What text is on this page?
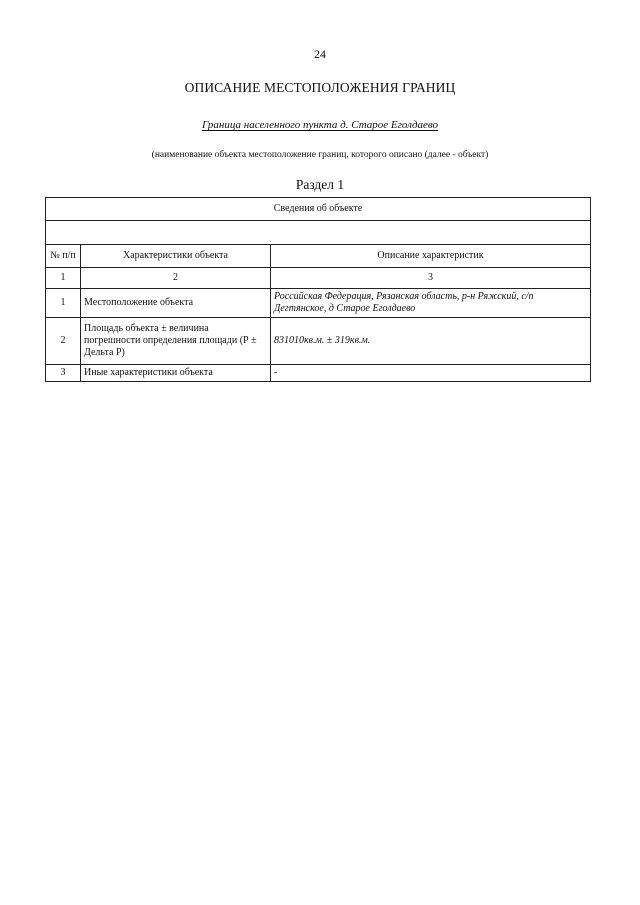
24
ОПИСАНИЕ МЕСТОПОЛОЖЕНИЯ ГРАНИЦ
Граница населенного пункта д. Старое Еголдаево
(наименование объекта местоположение границ, которого описано (далее - объект)
Раздел 1
Сведения об объекте		

№ п/п	Характеристики объекта	Описание характеристик
1	2	3
1	Местоположение объекта	Российская Федерация, Рязанская область, р-н Ряжский, с/п Дегтянское, д Старое Еголдаево
2	Площадь объекта ± величина погрешности определения площади (Р ± Дельта Р)	831010кв.м. ± 319кв.м.
3	Иные характеристики объекта	-
